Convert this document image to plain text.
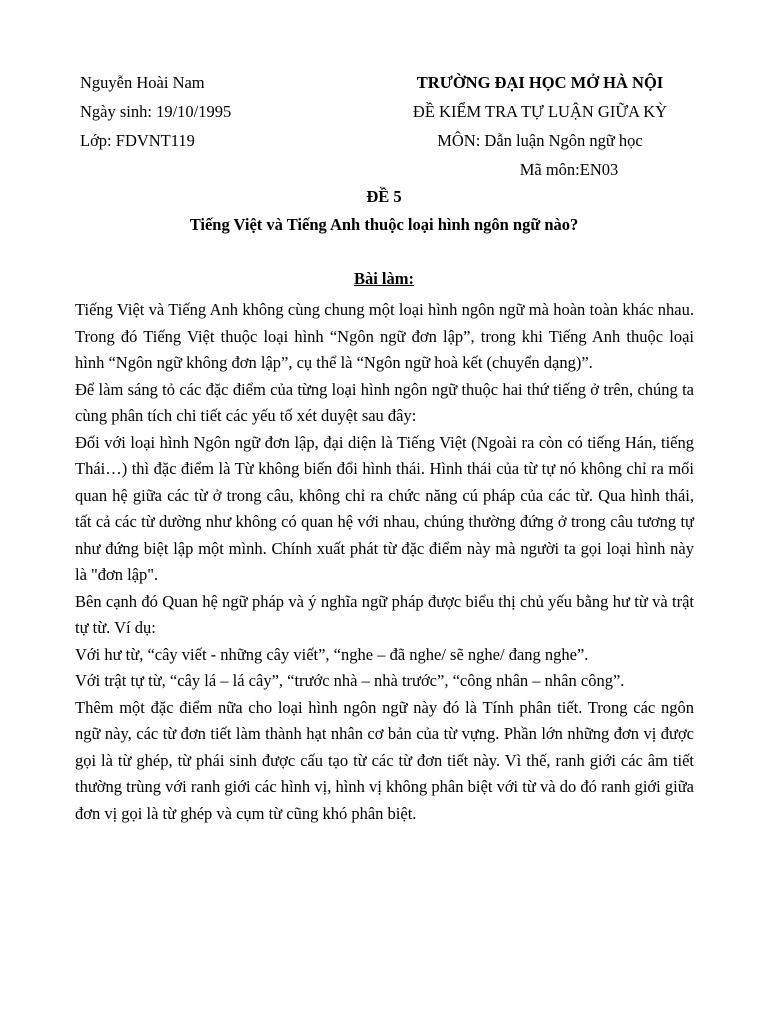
Nguyễn Hoài Nam
Ngày sinh: 19/10/1995
Lớp: FDVNT119
TRƯỜNG ĐẠI HỌC MỞ HÀ NỘI
ĐỀ KIỂM TRA TỰ LUẬN GIỮA KỲ
MÔN: Dẫn luận Ngôn ngữ học
Mã môn:EN03
ĐỀ 5
Tiếng Việt và Tiếng Anh thuộc loại hình ngôn ngữ nào?
Bài làm:

Tiếng Việt và Tiếng Anh không cùng chung một loại hình ngôn ngữ mà hoàn toàn khác nhau. Trong đó Tiếng Việt thuộc loại hình “Ngôn ngữ đơn lập”, trong khi Tiếng Anh thuộc loại hình “Ngôn ngữ không đơn lập”, cụ thể là “Ngôn ngữ hoà kết (chuyển dạng)”.

Để làm sáng tỏ các đặc điểm của từng loại hình ngôn ngữ thuộc hai thứ tiếng ở trên, chúng ta cùng phân tích chi tiết các yếu tố xét duyệt sau đây:

Đối với loại hình Ngôn ngữ đơn lập, đại diện là Tiếng Việt (Ngoài ra còn có tiếng Hán, tiếng Thái…) thì đặc điểm là Từ không biến đổi hình thái. Hình thái của từ tự nó không chỉ ra mối quan hệ giữa các từ ở trong câu, không chỉ ra chức năng cú pháp của các từ. Qua hình thái, tất cả các từ dường như không có quan hệ với nhau, chúng thường đứng ở trong câu tương tự như đứng biệt lập một mình. Chính xuất phát từ đặc điểm này mà người ta gọi loại hình này là "đơn lập".

Bên cạnh đó Quan hệ ngữ pháp và ý nghĩa ngữ pháp được biểu thị chủ yếu bằng hư từ và trật tự từ. Ví dụ:

Với hư từ, “cây viết - những cây viết”, “nghe – đã nghe/ sẽ nghe/ đang nghe”.

Với trật tự từ, “cây lá – lá cây”, “trước nhà – nhà trước”, “công nhân – nhân công”.

Thêm một đặc điểm nữa cho loại hình ngôn ngữ này đó là Tính phân tiết. Trong các ngôn ngữ này, các từ đơn tiết làm thành hạt nhân cơ bản của từ vựng. Phần lớn những đơn vị được gọi là từ ghép, từ phái sinh được cấu tạo từ các từ đơn tiết này. Vì thế, ranh giới các âm tiết thường trùng với ranh giới các hình vị, hình vị không phân biệt với từ và do đó ranh giới giữa đơn vị gọi là từ ghép và cụm từ cũng khó phân biệt.
